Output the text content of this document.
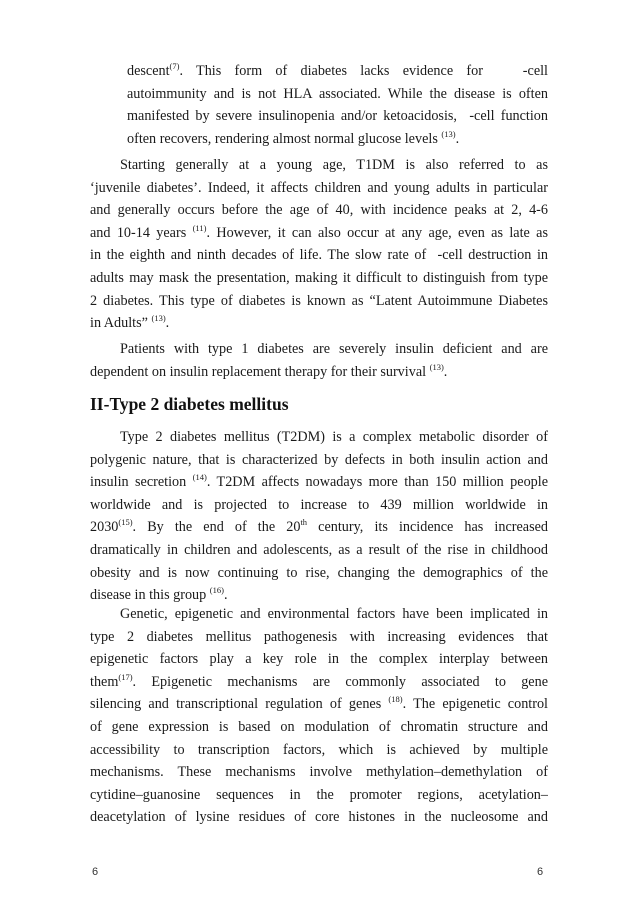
descent$^{(7)}$. This form of diabetes lacks evidence for   -cell
autoimmunity and is not HLA associated. While the disease is often
manifested by severe insulinopenia and/or ketoacidosis,  -cell function
often recovers, rendering almost normal glucose levels $^{(13)}$.
Starting generally at a young age, T1DM is also referred to as
‘juvenile diabetes’. Indeed, it affects children and young adults in particular
and generally occurs before the age of 40, with incidence peaks at 2, 4-6
and 10-14 years $^{(11)}$. However, it can also occur at any age, even as late as
in the eighth and ninth decades of life. The slow rate of  -cell destruction in
adults may mask the presentation, making it difficult to distinguish from type
2 diabetes. This type of diabetes is known as “Latent Autoimmune Diabetes
in Adults” $^{(13)}$.
Patients with type 1 diabetes are severely insulin deficient and are
dependent on insulin replacement therapy for their survival $^{(13)}$.
II-Type 2 diabetes mellitus
Type 2 diabetes mellitus (T2DM) is a complex metabolic disorder of
polygenic nature, that is characterized by defects in both insulin action and
insulin secretion $^{(14)}$. T2DM affects nowadays more than 150 million people
worldwide and is projected to increase to 439 million worldwide in
2030$^{(15)}$. By the end of the 20th century, its incidence has increased
dramatically in children and adolescents, as a result of the rise in childhood
obesity and is now continuing to rise, changing the demographics of the
disease in this group $^{(16)}$.
Genetic, epigenetic and environmental factors have been implicated in
type 2 diabetes mellitus pathogenesis with increasing evidences that
epigenetic factors play a key role in the complex interplay between
them$^{(17)}$. Epigenetic mechanisms are commonly associated to gene
silencing and transcriptional regulation of genes $^{(18)}$. The epigenetic control
of gene expression is based on modulation of chromatin structure and
accessibility to transcription factors, which is achieved by multiple
mechanisms. These mechanisms involve methylation–demethylation of
cytidine–guanosine sequences in the promoter regions, acetylation–
deacetylation of lysine residues of core histones in the nucleosome and
6	6
